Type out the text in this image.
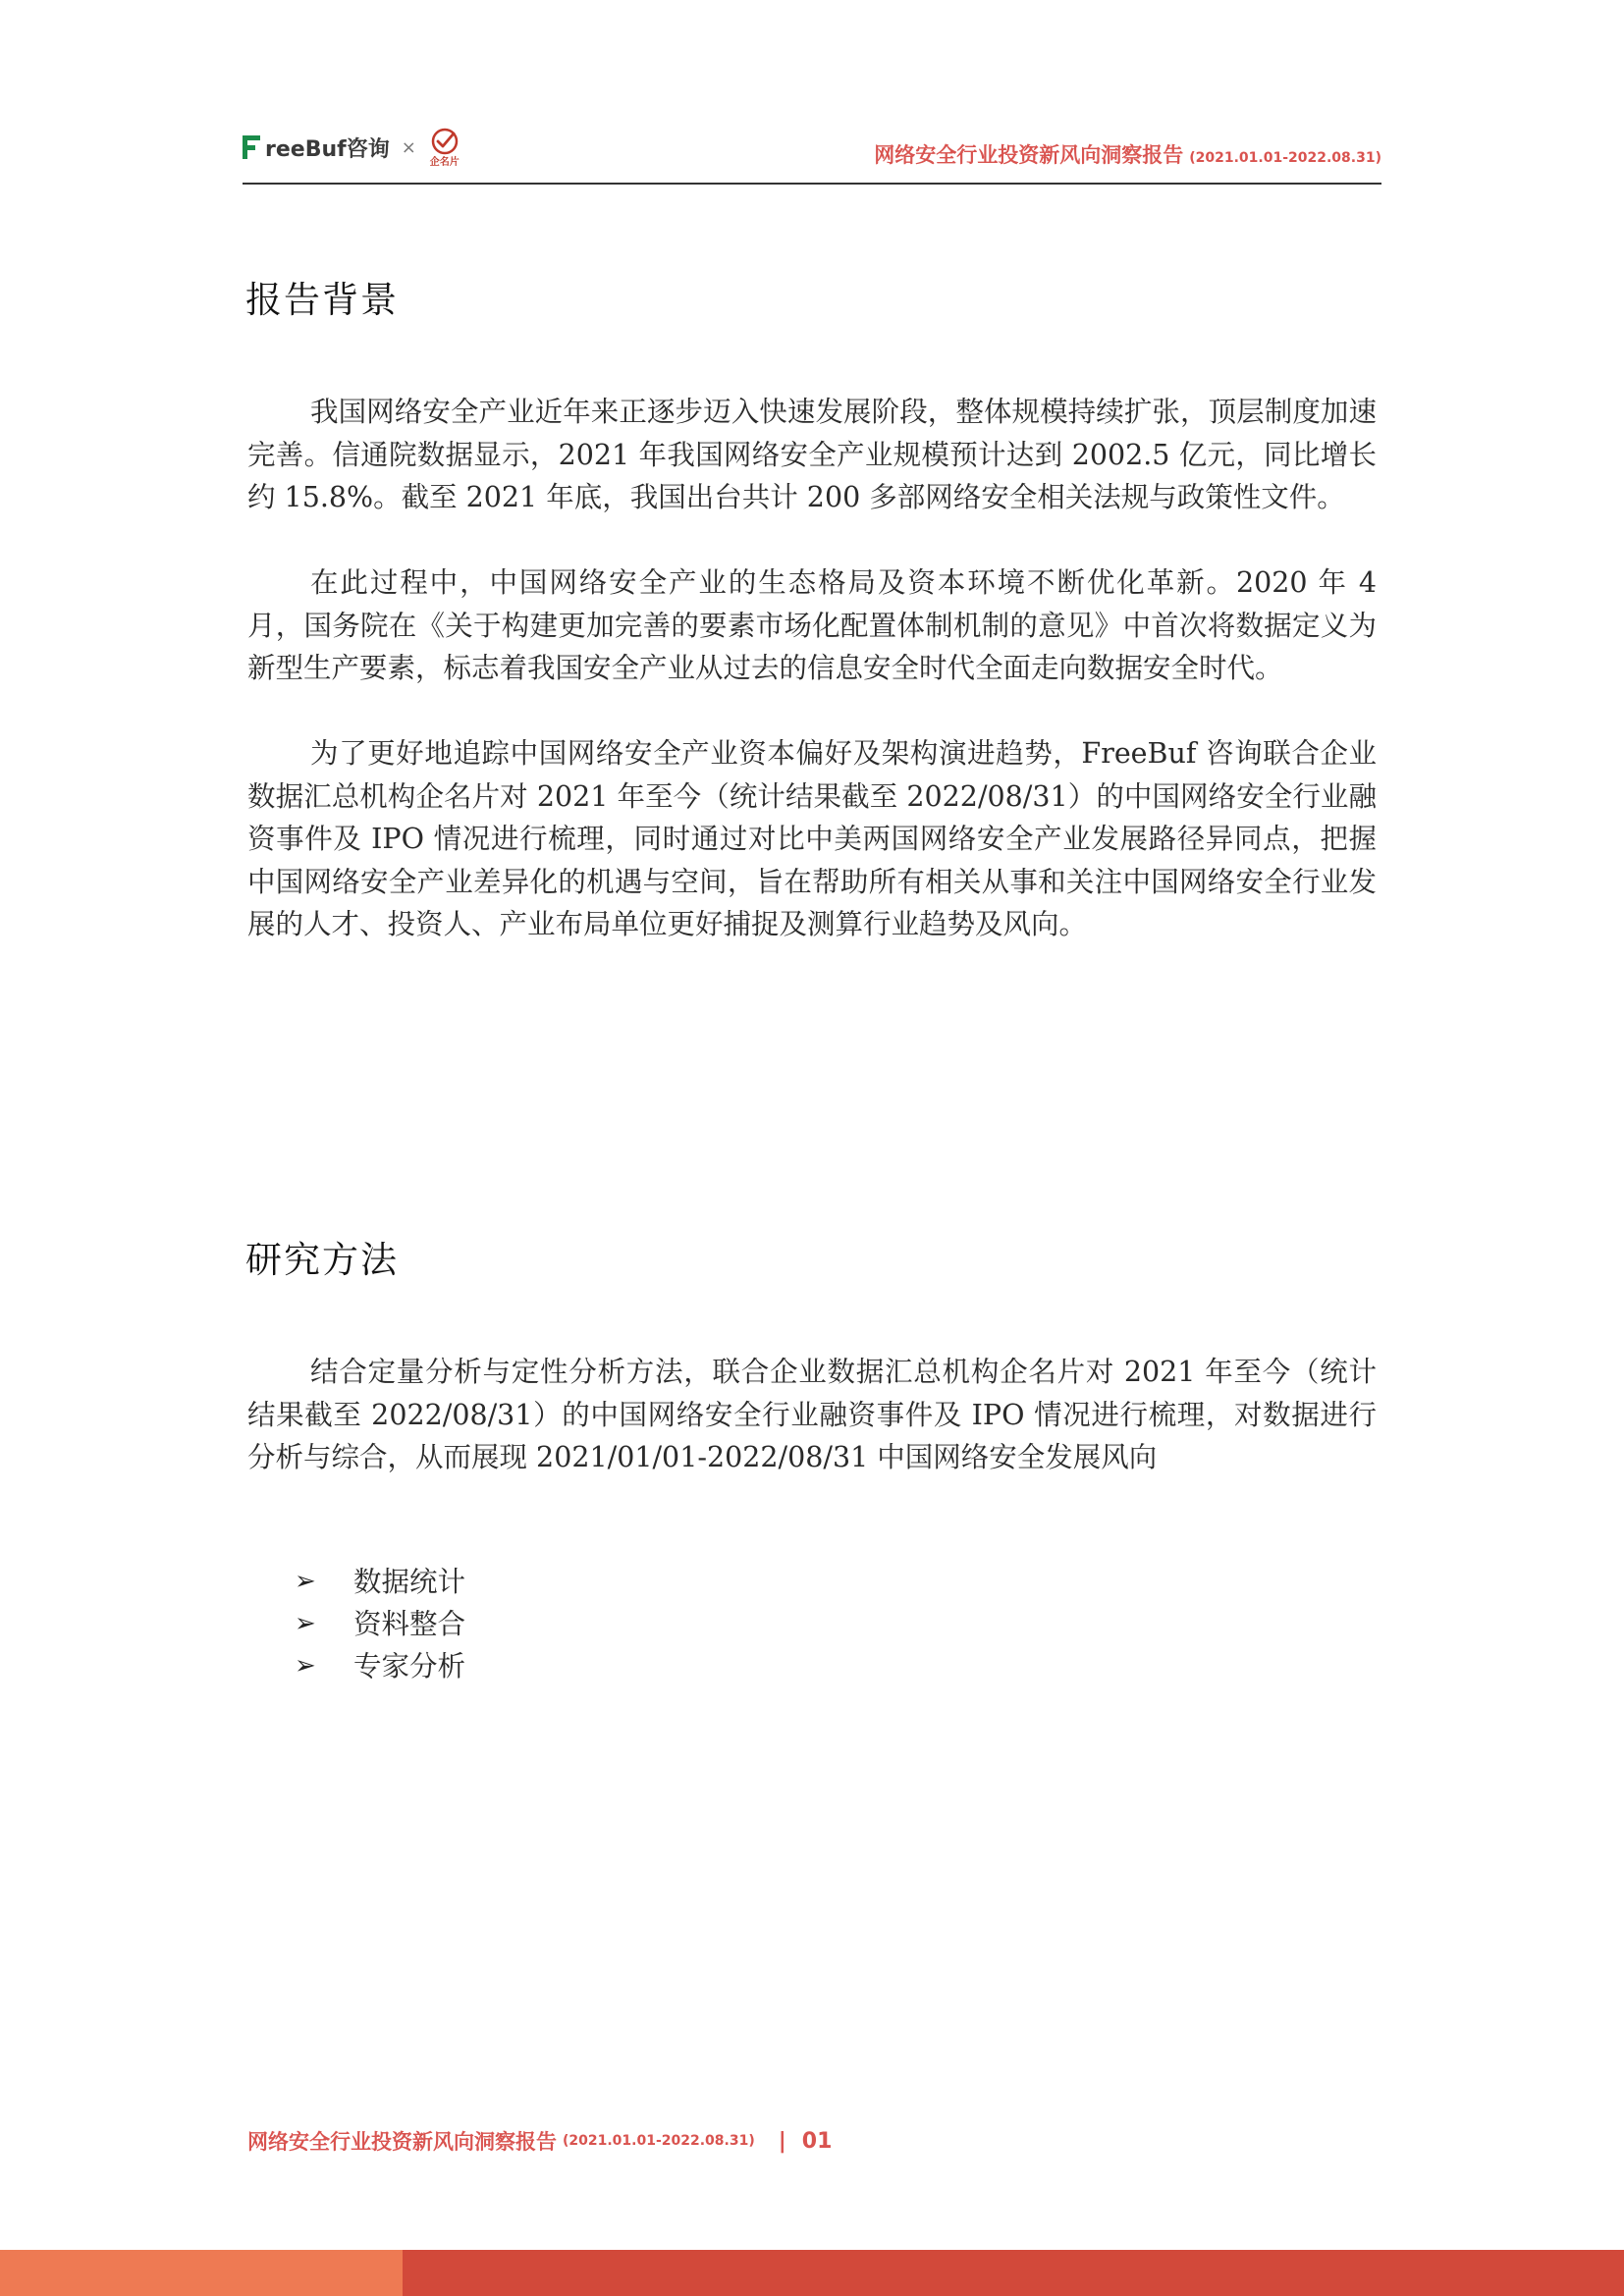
reeBuf咨询 ×
企名片	网络安全行业投资新风向洞察报告 (2021.01.01-2022.08.31)
报告背景

我国网络安全产业近年来正逐步迈入快速发展阶段，整体规模持续扩张，顶层制度加速完善。信通院数据显示，2021 年我国网络安全产业规模预计达到 2002.5 亿元，同比增长约 15.8%。截至 2021 年底，我国出台共计 200 多部网络安全相关法规与政策性文件。

在此过程中，中国网络安全产业的生态格局及资本环境不断优化革新。2020 年 4 月，国务院在《关于构建更加完善的要素市场化配置体制机制的意见》中首次将数据定义为新型生产要素，标志着我国安全产业从过去的信息安全时代全面走向数据安全时代。

为了更好地追踪中国网络安全产业资本偏好及架构演进趋势，FreeBuf 咨询联合企业数据汇总机构企名片对 2021 年至今（统计结果截至 2022/08/31）的中国网络安全行业融资事件及 IPO 情况进行梳理，同时通过对比中美两国网络安全产业发展路径异同点，把握中国网络安全产业差异化的机遇与空间，旨在帮助所有相关从事和关注中国网络安全行业发展的人才、投资人、产业布局单位更好捕捉及测算行业趋势及风向。

研究方法

结合定量分析与定性分析方法，联合企业数据汇总机构企名片对 2021 年至今（统计结果截至 2022/08/31）的中国网络安全行业融资事件及 IPO 情况进行梳理，对数据进行分析与综合，从而展现 2021/01/01-2022/08/31 中国网络安全发展风向

➢	数据统计
➢	资料整合
➢	专家分析
网络安全行业投资新风向洞察报告 (2021.01.01-2022.08.31) | 01
